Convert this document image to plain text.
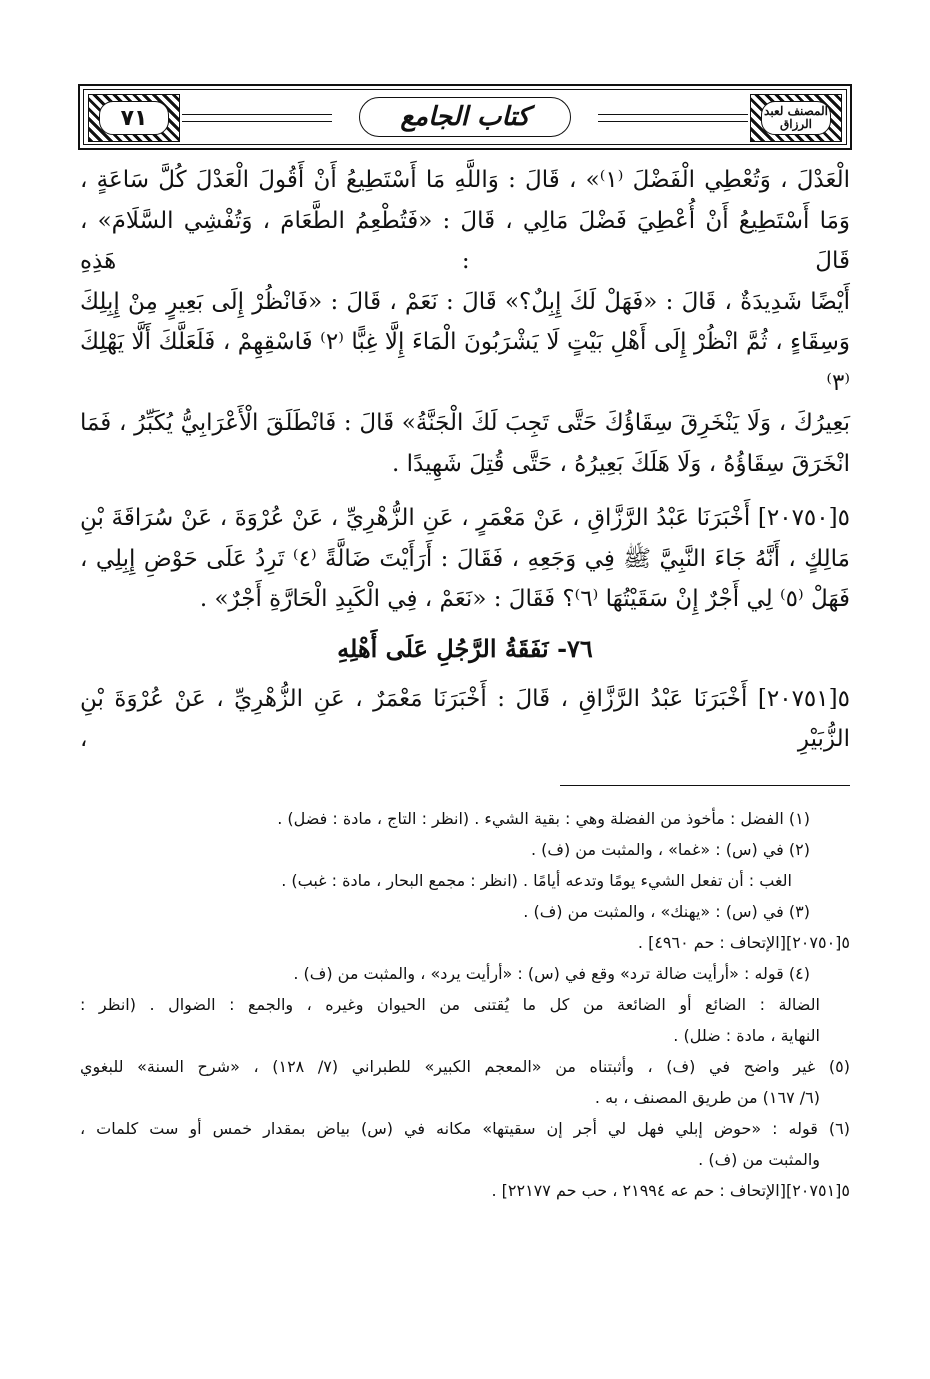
٧١	كتاب الجامع	المصنف لعبد الرزاق

الْعَدْلَ ، وَتُعْطِي الْفَضْلَ ⁽١⁾» ، قَالَ : وَاللَّهِ مَا أَسْتَطِيعُ أَنْ أَقُولَ الْعَدْلَ كُلَّ سَاعَةٍ ،

وَمَا أَسْتَطِيعُ أَنْ أُعْطِيَ فَضْلَ مَالِي ، قَالَ : «فَتُطْعِمُ الطَّعَامَ ، وَتُفْشِي السَّلَامَ» ، قَالَ : هَذِهِ

أَيْضًا شَدِيدَةٌ ، قَالَ : «فَهَلْ لَكَ إِبِلٌ؟» قَالَ : نَعَمْ ، قَالَ : «فَانْظُرْ إِلَى بَعِيرٍ مِنْ إِبِلِكَ

وَسِقَاءٍ ، ثُمَّ انْظُرْ إِلَى أَهْلِ بَيْتٍ لَا يَشْرَبُونَ الْمَاءَ إِلَّا غِبًّا ⁽٢⁾ فَاسْقِهِمْ ، فَلَعَلَّكَ أَلَّا يَهْلِكَ ⁽٣⁾

بَعِيرُكَ ، وَلَا يَنْخَرِقَ سِقَاؤُكَ حَتَّى تَجِبَ لَكَ الْجَنَّةُ» قَالَ : فَانْطَلَقَ الْأَعْرَابِيُّ يُكَبِّرُ ، فَمَا

انْخَرَقَ سِقَاؤُهُ ، وَلَا هَلَكَ بَعِيرُهُ ، حَتَّى قُتِلَ شَهِيدًا .

٥[٢٠٧٥٠] أَخْبَرَنَا عَبْدُ الرَّزَّاقِ ، عَنْ مَعْمَرٍ ، عَنِ الزُّهْرِيِّ ، عَنْ عُرْوَةَ ، عَنْ سُرَاقَةَ بْنِ

مَالِكٍ ، أَنَّهُ جَاءَ النَّبِيَّ ﷺ فِي وَجَعِهِ ، فَقَالَ : أَرَأَيْتَ ضَالَّةً ⁽٤⁾ تَرِدُ عَلَى حَوْضِ إِبِلِي ،

فَهَلْ ⁽٥⁾ لِي أَجْرٌ إِنْ سَقَيْتُهَا ⁽٦⁾؟ فَقَالَ : «نَعَمْ ، فِي الْكَبِدِ الْحَارَّةِ أَجْرٌ» .

٧٦- نَفَقَةُ الرَّجُلِ عَلَى أَهْلِهِ

٥[٢٠٧٥١] أَخْبَرَنَا عَبْدُ الرَّزَّاقِ ، قَالَ : أَخْبَرَنَا مَعْمَرٌ ، عَنِ الزُّهْرِيِّ ، عَنْ عُرْوَةَ بْنِ الزُّبَيْرِ ،

(١) الفضل : مأخوذ من الفضلة وهي : بقية الشيء . (انظر : التاج ، مادة : فضل) .

(٢) في (س) : «غما» ، والمثبت من (ف) .

الغب : أن تفعل الشيء يومًا وتدعه أيامًا . (انظر : مجمع البحار ، مادة : غبب) .

(٣) في (س) : «يهنك» ، والمثبت من (ف) .

٥[٢٠٧٥٠][الإتحاف : حم ٤٩٦٠] .

(٤) قوله : «أرأيت ضالة ترد» وقع في (س) : «أرأيت يرد» ، والمثبت من (ف) .

الضالة : الضائع أو الضائعة من كل ما يُقتنى من الحيوان وغيره ، والجمع : الضوال . (انظر :

النهاية ، مادة : ضلل) .

(٥) غير واضح في (ف) ، وأثبتناه من «المعجم الكبير» للطبراني (٧/ ١٢٨) ، «شرح السنة» للبغوي

(٦/ ١٦٧) من طريق المصنف ، به .

(٦) قوله : «حوض إبلي فهل لي أجر إن سقيتها» مكانه في (س) بياض بمقدار خمس أو ست كلمات ،

والمثبت من (ف) .

٥[٢٠٧٥١][الإتحاف : حم عه ٢١٩٩٤ ، حب حم ٢٢١٧٧] .
